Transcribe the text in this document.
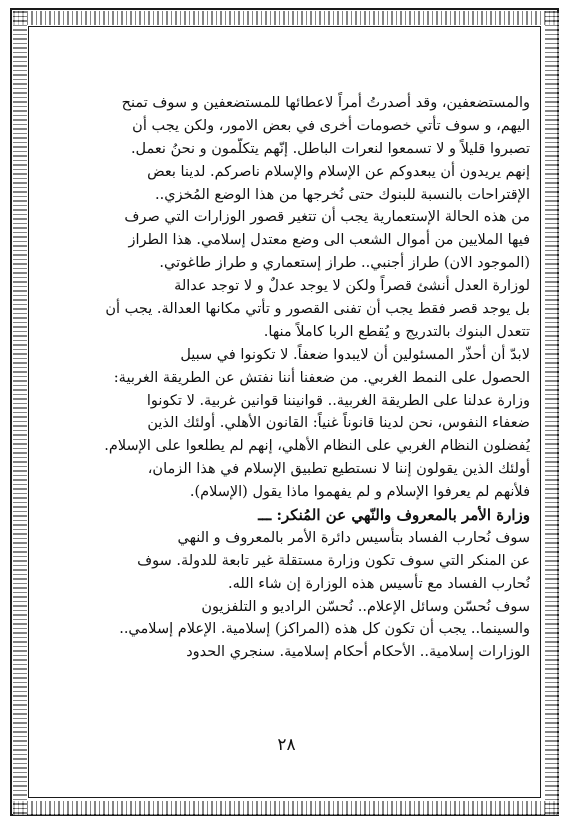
والمستضعفين، وقد أصدرتُ أمراً لاعطائها للمستضعفين و سوف تمنح
اليهم، و سوف تأتي خصومات أخرى في بعض الامور، ولكن يجب أن
تصبروا قليلاً و لا تسمعوا لنعرات الباطل. إنّهم يتكلّمون و نحنُ نعمل.
إنهم يريدون أن يبعدوكم عن الإسلام والإسلام ناصركم. لدينا بعض
الإقتراحات بالنسبة للبنوك حتى نُخرجها من هذا الوضع المُخزي..
من هذه الحالة الإستعمارية يجب أن تتغير قصور الوزارات التي صرف
فيها الملايين من أموال الشعب الى وضع معتدل إسلامي. هذا الطراز
(الموجود الان) طراز أجنبي.. طراز إستعماري و طراز طاغوتي.
لوزارة العدل أنشئ قصراً ولكن لا يوجد عدلٌ و لا توجد عدالة
بل يوجد قصر فقط يجب أن تفنى القصور و تأتي مكانها العدالة. يجب أن
تتعدل البنوك بالتدريج و يُقطع الربا كاملاً منها.
لابدّ أن أحذّر المسئولين أن لايبدوا ضعفاً. لا تكونوا في سبيل
الحصول على النمط الغربي. من ضعفنا أننا نفتش عن الطريقة الغربية:
وزارة عدلنا على الطريقة الغربية.. قوانيننا قوانين غربية. لا تكونوا
ضعفاء النفوس، نحن لدينا قانوناً غنياً: القانون الأهلي. أولئك الذين
يُفضلون النظام الغربي على النظام الأهلي، إنهم لم يطلعوا على الإسلام.
أولئك الذين يقولون إننا لا نستطيع تطبيق الإسلام في هذا الزمان،
فلأنهم لم يعرفوا الإسلام و لم يفهموا ماذا يقول (الإسلام).
وزارة الأمر بالمعروف والنّهي عن المُنكر: ـــ
سوف نُحارب الفساد بتأسيس دائرة الأمر بالمعروف و النهي
عن المنكر التي سوف تكون وزارة مستقلة غير تابعة للدولة. سوف
نُحارب الفساد مع تأسيس هذه الوزارة إن شاء الله.
سوف نُحسّن وسائل الإعلام.. نُحسّن الراديو و التلفزيون
والسينما.. يجب أن تكون كل هذه (المراكز) إسلامية. الإعلام إسلامي..
الوزارات إسلامية.. الأحكام أحكام إسلامية. سنجري الحدود
٢٨
